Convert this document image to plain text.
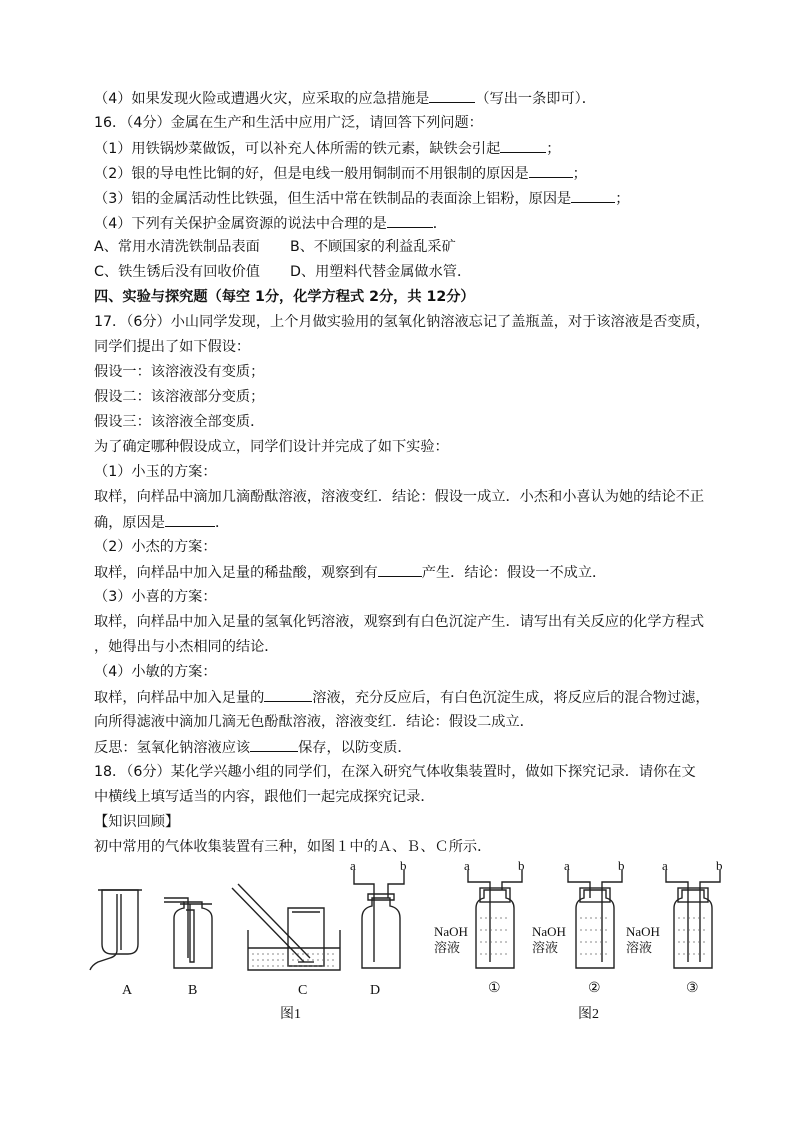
（4）如果发现火险或遭遇火灾，应采取的应急措施是	（写出一条即可）．
16．（4分）金属在生产和生活中应用广泛，请回答下列问题：
（1）用铁锅炒菜做饭，可以补充人体所需的铁元素，缺铁会引起	；
（2）银的导电性比铜的好，但是电线一般用铜制而不用银制的原因是	；
（3）铝的金属活动性比铁强，但生活中常在铁制品的表面涂上铝粉，原因是	；
（4）下列有关保护金属资源的说法中合理的是	．
A、常用水清洗铁制品表面 B、不顾国家的利益乱采矿
C、铁生锈后没有回收价值 D、用塑料代替金属做水管．
四、实验与探究题（每空 1分，化学方程式 2分，共 12分）
17．（6分）小山同学发现，上个月做实验用的氢氧化钠溶液忘记了盖瓶盖，对于该溶液是否变质，
同学们提出了如下假设：
假设一：该溶液没有变质；
假设二：该溶液部分变质；
假设三：该溶液全部变质．
为了确定哪种假设成立，同学们设计并完成了如下实验：
（1）小玉的方案：
取样，向样品中滴加几滴酚酞溶液，溶液变红．结论：假设一成立．小杰和小喜认为她的结论不正
确，原因是	．
（2）小杰的方案：
取样，向样品中加入足量的稀盐酸，观察到有	产生．结论：假设一不成立．
（3）小喜的方案：
取样，向样品中加入足量的氢氧化钙溶液，观察到有白色沉淀产生．请写出有关反应的化学方程式
，她得出与小杰相同的结论．
（4）小敏的方案：
取样，向样品中加入足量的	溶液，充分反应后，有白色沉淀生成，将反应后的混合物过滤，
向所得滤液中滴加几滴无色酚酞溶液，溶液变红．结论：假设二成立．
反思：氢氧化钠溶液应该	保存，以防变质．
18．（6分）某化学兴趣小组的同学们，在深入研究气体收集装置时，做如下探究记录．请你在文
中横线上填写适当的内容，跟他们一起完成探究记录．
【知识回顾】
初中常用的气体收集装置有三种，如图１中的Ａ、Ｂ、Ｃ所示．
a	b	a	b	a	b	a	b
NaOH
溶液
NaOH
溶液
NaOH
溶液
A	B	C	D	①	②	③
图1	图2
